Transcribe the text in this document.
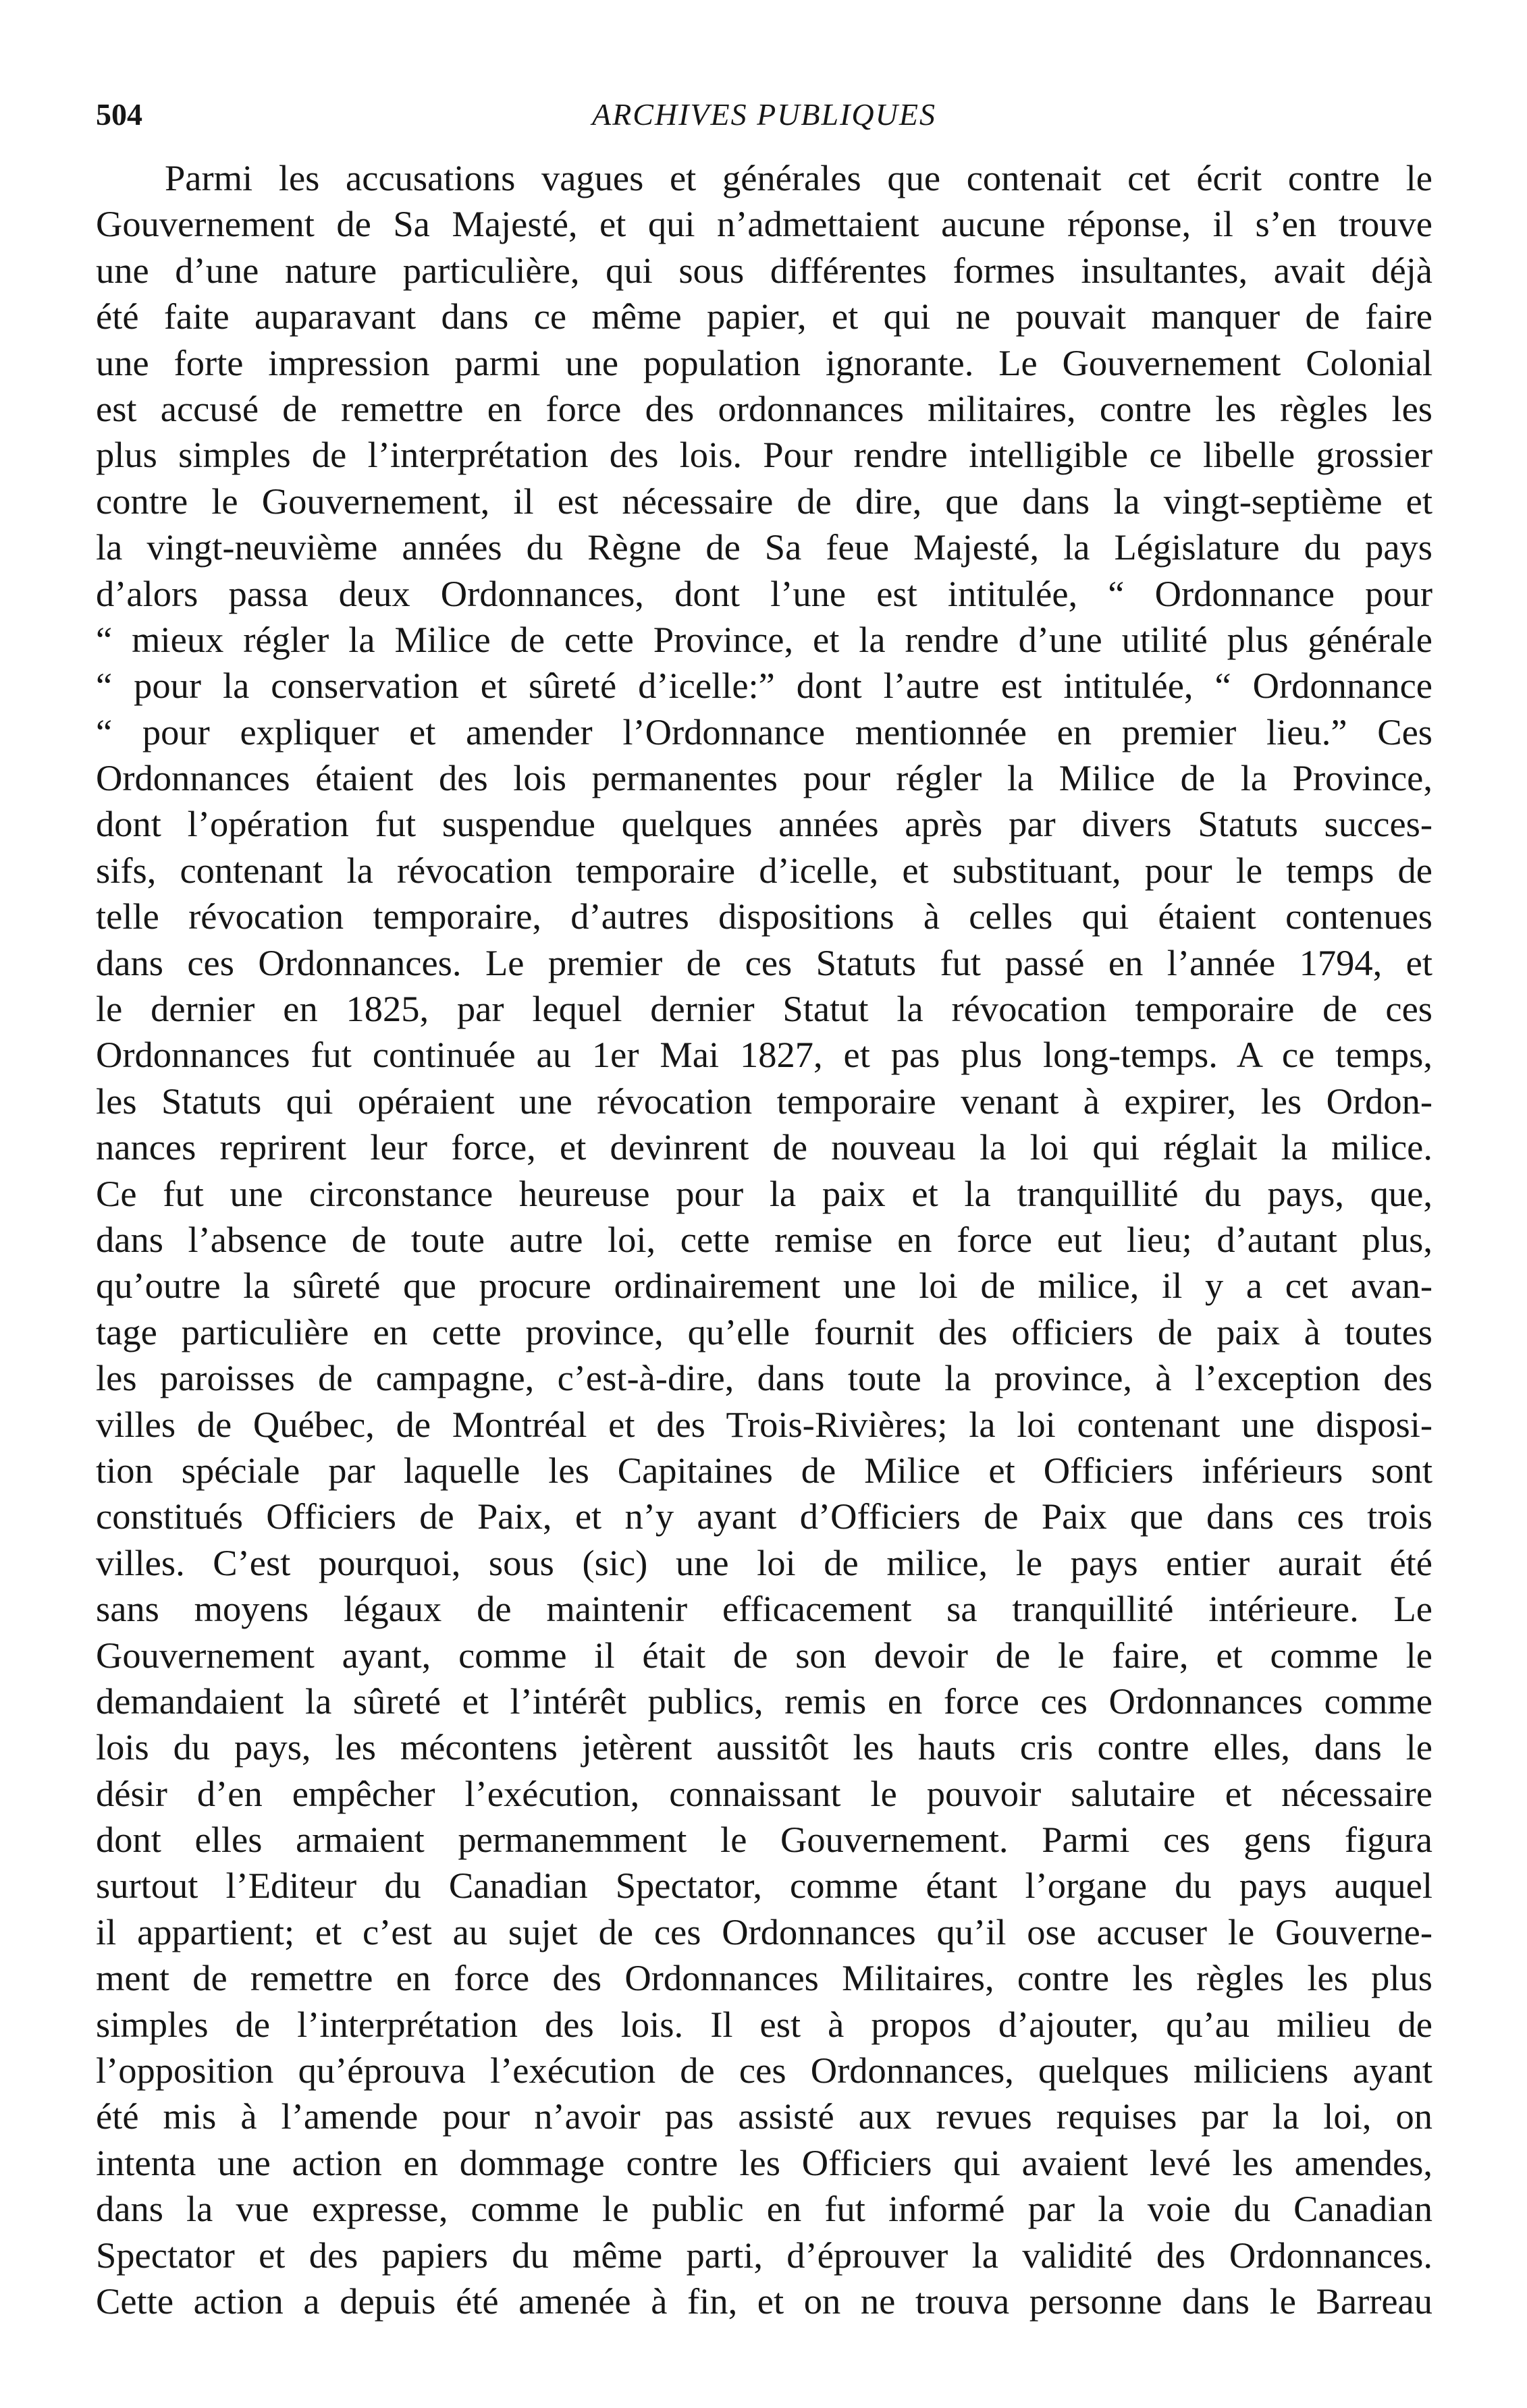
504	ARCHIVES PUBLIQUES
Parmi les accusations vagues et générales que contenait cet écrit contre le
Gouvernement de Sa Majesté, et qui n’admettaient aucune réponse, il s’en trouve
une d’une nature particulière, qui sous différentes formes insultantes, avait déjà
été faite auparavant dans ce même papier, et qui ne pouvait manquer de faire
une forte impression parmi une population ignorante. Le Gouvernement Colonial
est accusé de remettre en force des ordonnances militaires, contre les règles les
plus simples de l’interprétation des lois. Pour rendre intelligible ce libelle grossier
contre le Gouvernement, il est nécessaire de dire, que dans la vingt-septième et
la vingt-neuvième années du Règne de Sa feue Majesté, la Législature du pays
d’alors passa deux Ordonnances, dont l’une est intitulée, “ Ordonnance pour
“ mieux régler la Milice de cette Province, et la rendre d’une utilité plus générale
“ pour la conservation et sûreté d’icelle:” dont l’autre est intitulée, “ Ordonnance
“ pour expliquer et amender l’Ordonnance mentionnée en premier lieu.” Ces
Ordonnances étaient des lois permanentes pour régler la Milice de la Province,
dont l’opération fut suspendue quelques années après par divers Statuts succes-
sifs, contenant la révocation temporaire d’icelle, et substituant, pour le temps de
telle révocation temporaire, d’autres dispositions à celles qui étaient contenues
dans ces Ordonnances. Le premier de ces Statuts fut passé en l’année 1794, et
le dernier en 1825, par lequel dernier Statut la révocation temporaire de ces
Ordonnances fut continuée au 1er Mai 1827, et pas plus long-temps. A ce temps,
les Statuts qui opéraient une révocation temporaire venant à expirer, les Ordon-
nances reprirent leur force, et devinrent de nouveau la loi qui réglait la milice.
Ce fut une circonstance heureuse pour la paix et la tranquillité du pays, que,
dans l’absence de toute autre loi, cette remise en force eut lieu; d’autant plus,
qu’outre la sûreté que procure ordinairement une loi de milice, il y a cet avan-
tage particulière en cette province, qu’elle fournit des officiers de paix à toutes
les paroisses de campagne, c’est-à-dire, dans toute la province, à l’exception des
villes de Québec, de Montréal et des Trois-Rivières; la loi contenant une disposi-
tion spéciale par laquelle les Capitaines de Milice et Officiers inférieurs sont
constitués Officiers de Paix, et n’y ayant d’Officiers de Paix que dans ces trois
villes. C’est pourquoi, sous (sic) une loi de milice, le pays entier aurait été
sans moyens légaux de maintenir efficacement sa tranquillité intérieure. Le
Gouvernement ayant, comme il était de son devoir de le faire, et comme le
demandaient la sûreté et l’intérêt publics, remis en force ces Ordonnances comme
lois du pays, les mécontens jetèrent aussitôt les hauts cris contre elles, dans le
désir d’en empêcher l’exécution, connaissant le pouvoir salutaire et nécessaire
dont elles armaient permanemment le Gouvernement. Parmi ces gens figura
surtout l’Editeur du Canadian Spectator, comme étant l’organe du pays auquel
il appartient; et c’est au sujet de ces Ordonnances qu’il ose accuser le Gouverne-
ment de remettre en force des Ordonnances Militaires, contre les règles les plus
simples de l’interprétation des lois. Il est à propos d’ajouter, qu’au milieu de
l’opposition qu’éprouva l’exécution de ces Ordonnances, quelques miliciens ayant
été mis à l’amende pour n’avoir pas assisté aux revues requises par la loi, on
intenta une action en dommage contre les Officiers qui avaient levé les amendes,
dans la vue expresse, comme le public en fut informé par la voie du Canadian
Spectator et des papiers du même parti, d’éprouver la validité des Ordonnances.
Cette action a depuis été amenée à fin, et on ne trouva personne dans le Barreau
